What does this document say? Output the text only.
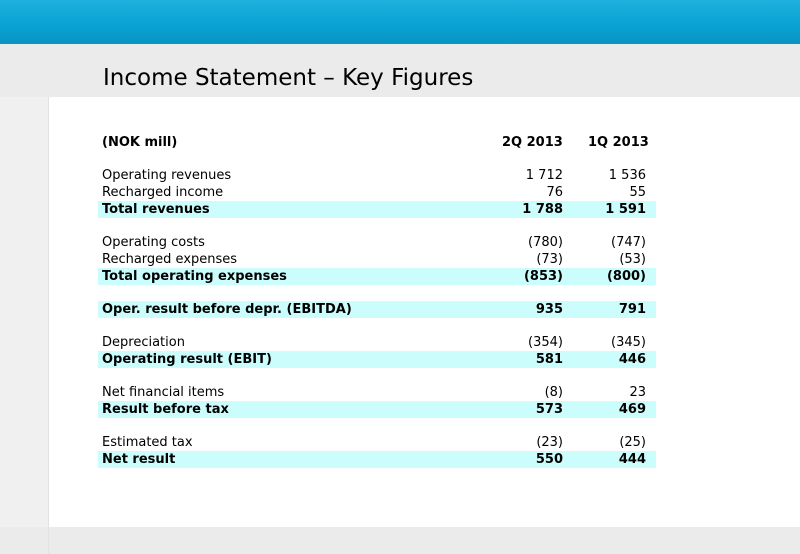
Income Statement – Key Figures
(NOK mill)	2Q 2013 1Q 2013
Operating revenues	1 712	1 536
Recharged income	76	55
Total revenues	1 788	1 591
Operating costs	(780)	(747)
Recharged expenses	(73)	(53)
Total operating expenses	(853)	(800)
Oper. result before depr. (EBITDA)	935	791
Depreciation	(354)	(345)
Operating result (EBIT)	581	446
Net financial items	(8)	23
Result before tax	573	469
Estimated tax	(23)	(25)
Net result	550	444
